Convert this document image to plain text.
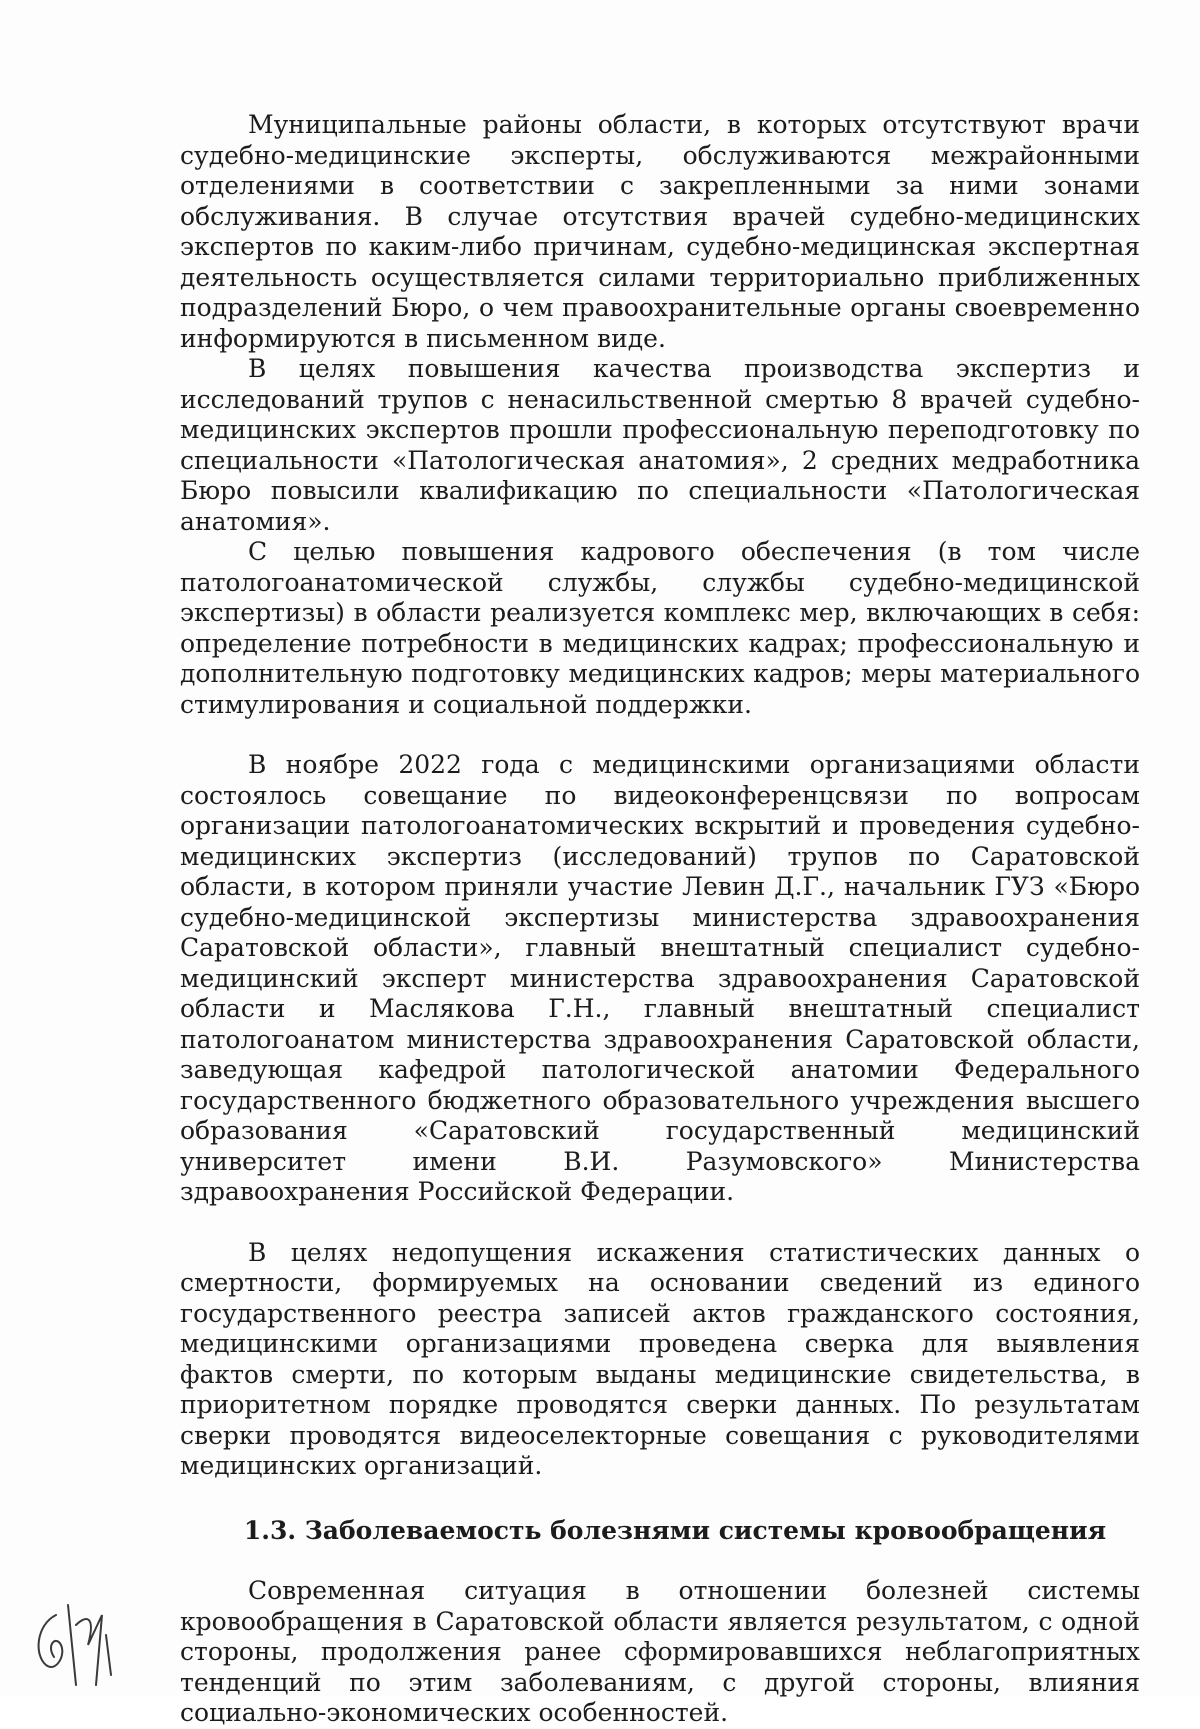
Муниципальные районы области, в которых отсутствуют врачи судебно-медицинские эксперты, обслуживаются межрайонными отделениями в соответствии с закрепленными за ними зонами обслуживания. В случае отсутствия врачей судебно-медицинских экспертов по каким-либо причинам, судебно-медицинская экспертная деятельность осуществляется силами территориально приближенных подразделений Бюро, о чем правоохранительные органы своевременно информируются в письменном виде.

В целях повышения качества производства экспертиз и исследований трупов с ненасильственной смертью 8 врачей судебно-медицинских экспертов прошли профессиональную переподготовку по специальности «Патологическая анатомия», 2 средних медработника Бюро повысили квалификацию по специальности «Патологическая анатомия».

С целью повышения кадрового обеспечения (в том числе патологоанатомической службы, службы судебно-медицинской экспертизы) в области реализуется комплекс мер, включающих в себя: определение потребности в медицинских кадрах; профессиональную и дополнительную подготовку медицинских кадров; меры материального стимулирования и социальной поддержки.

В ноябре 2022 года с медицинскими организациями области состоялось совещание по видеоконференцсвязи по вопросам организации патологоанатомических вскрытий и проведения судебно-медицинских экспертиз (исследований) трупов по Саратовской области, в котором приняли участие Левин Д.Г., начальник ГУЗ «Бюро судебно-медицинской экспертизы министерства здравоохранения Саратовской области», главный внештатный специалист судебно-медицинский эксперт министерства здравоохранения Саратовской области и Маслякова Г.Н., главный внештатный специалист патологоанатом министерства здравоохранения Саратовской области, заведующая кафедрой патологической анатомии Федерального государственного бюджетного образовательного учреждения высшего образования «Саратовский государственный медицинский университет имени В.И. Разумовского» Министерства здравоохранения Российской Федерации.

В целях недопущения искажения статистических данных о смертности, формируемых на основании сведений из единого государственного реестра записей актов гражданского состояния, медицинскими организациями проведена сверка для выявления фактов смерти, по которым выданы медицинские свидетельства, в приоритетном порядке проводятся сверки данных. По результатам сверки проводятся видеоселекторные совещания с руководителями медицинских организаций.

1.3. Заболеваемость болезнями системы кровообращения

Современная ситуация в отношении болезней системы кровообращения в Саратовской области является результатом, с одной стороны, продолжения ранее сформировавшихся неблагоприятных тенденций по этим заболеваниям, с другой стороны, влияния социально-экономических особенностей.
